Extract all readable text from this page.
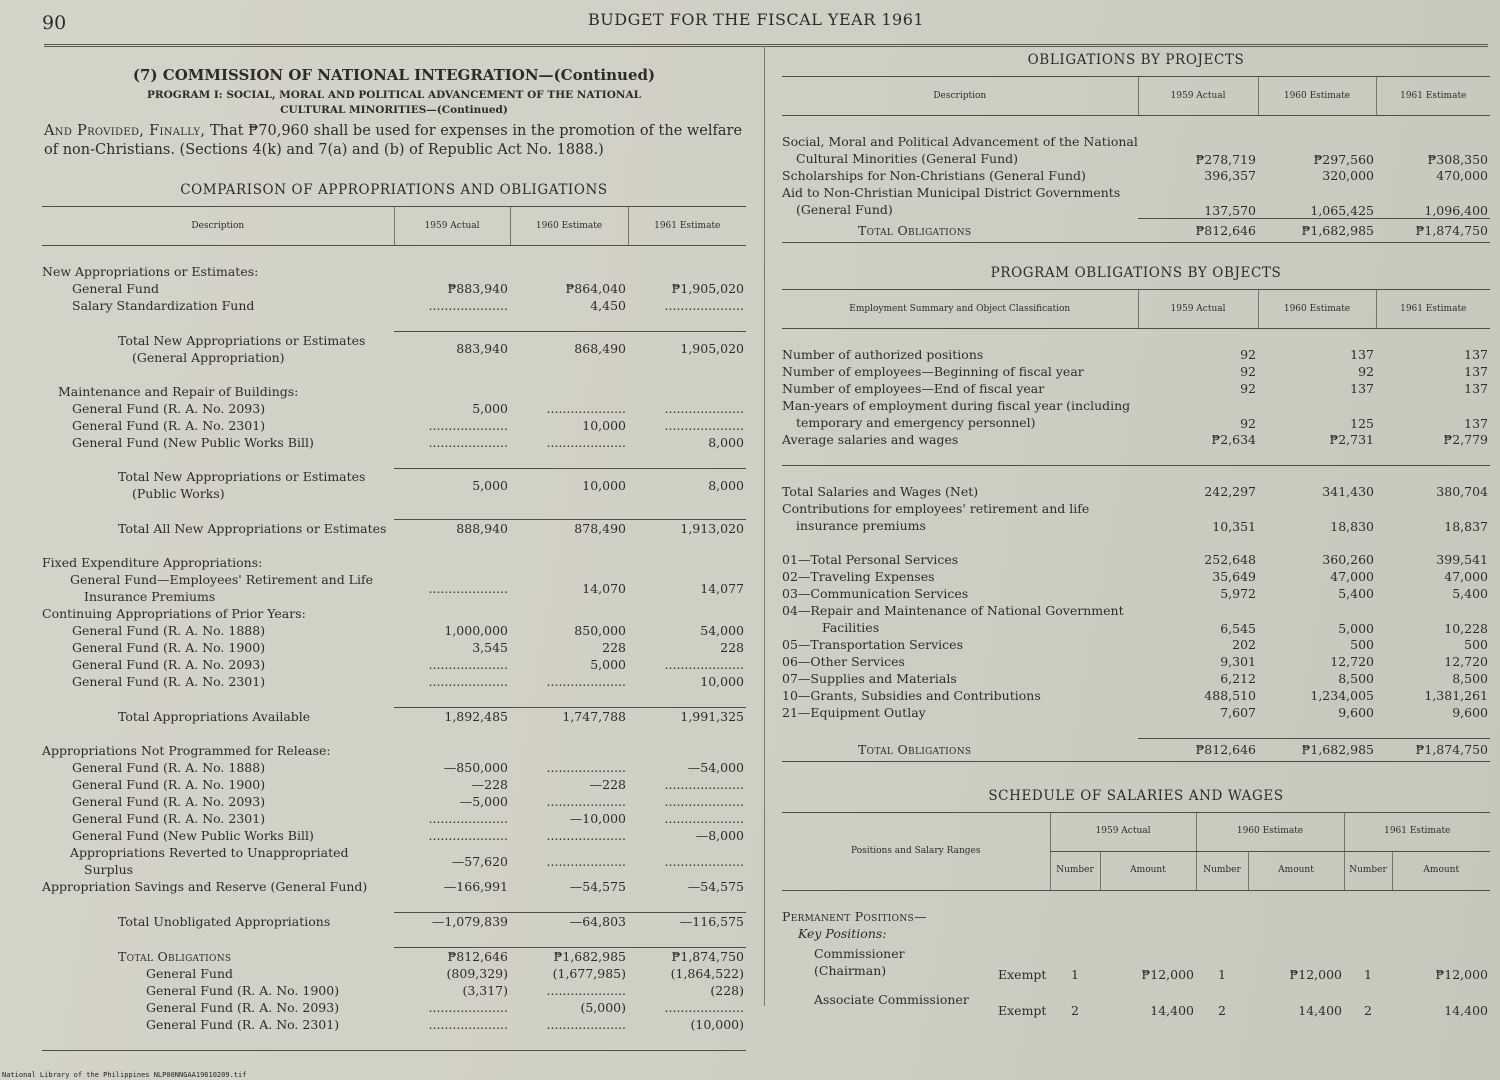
90	BUDGET FOR THE FISCAL YEAR 1961

(7) COMMISSION OF NATIONAL INTEGRATION—(Continued)

PROGRAM I: SOCIAL, MORAL AND POLITICAL ADVANCEMENT OF THE NATIONAL
CULTURAL MINORITIES—(Continued)

And Provided, Finally, That ₱70,960 shall be used for expenses in the promotion of the welfare of non-Christians. (Sections 4(k) and 7(a) and (b) of Republic Act No. 1888.)

COMPARISON OF APPROPRIATIONS AND OBLIGATIONS
Description	1959 Actual	1960 Estimate	1961 Estimate

New Appropriations or Estimates:			
General Fund	₱883,940	₱864,040	₱1,905,020
Salary Standardization Fund	....................	4,450	....................

Total New Appropriations or Estimates (General Appropriation)	883,940	868,490	1,905,020

Maintenance and Repair of Buildings:			
General Fund (R. A. No. 2093)	5,000	....................	....................
General Fund (R. A. No. 2301)	....................	10,000	....................
General Fund (New Public Works Bill)	....................	....................	8,000

Total New Appropriations or Estimates (Public Works)	5,000	10,000	8,000

Total All New Appropriations or Estimates	888,940	878,490	1,913,020

Fixed Expenditure Appropriations:			
General Fund—Employees' Retirement and Life Insurance Premiums	....................	14,070	14,077
Continuing Appropriations of Prior Years:			
General Fund (R. A. No. 1888)	1,000,000	850,000	54,000
General Fund (R. A. No. 1900)	3,545	228	228
General Fund (R. A. No. 2093)	....................	5,000	....................
General Fund (R. A. No. 2301)	....................	....................	10,000

Total Appropriations Available	1,892,485	1,747,788	1,991,325

Appropriations Not Programmed for Release:			
General Fund (R. A. No. 1888)	—850,000	....................	—54,000
General Fund (R. A. No. 1900)	—228	—228	....................
General Fund (R. A. No. 2093)	—5,000	....................	....................
General Fund (R. A. No. 2301)	....................	—10,000	....................
General Fund (New Public Works Bill)	....................	....................	—8,000
Appropriations Reverted to Unappropriated Surplus	—57,620	....................	....................
Appropriation Savings and Reserve (General Fund)	—166,991	—54,575	—54,575

Total Unobligated Appropriations	—1,079,839	—64,803	—116,575

Total Obligations	₱812,646	₱1,682,985	₱1,874,750
General Fund	(809,329)	(1,677,985)	(1,864,522)
General Fund (R. A. No. 1900)	(3,317)	....................	(228)
General Fund (R. A. No. 2093)	....................	(5,000)	....................
General Fund (R. A. No. 2301)	....................	....................	(10,000)

OBLIGATIONS BY PROJECTS
Description	1959 Actual	1960 Estimate	1961 Estimate

Social, Moral and Political Advancement of the National Cultural Minorities (General Fund)	₱278,719	₱297,560	₱308,350
Scholarships for Non-Christians (General Fund)	396,357	320,000	470,000
Aid to Non-Christian Municipal District Governments (General Fund)	137,570	1,065,425	1,096,400
Total Obligations	₱812,646	₱1,682,985	₱1,874,750
PROGRAM OBLIGATIONS BY OBJECTS
Employment Summary and Object Classification	1959 Actual	1960 Estimate	1961 Estimate

Number of authorized positions	92	137	137
Number of employees—Beginning of fiscal year	92	92	137
Number of employees—End of fiscal year	92	137	137
Man-years of employment during fiscal year (including temporary and emergency personnel)	92	125	137
Average salaries and wages	₱2,634	₱2,731	₱2,779

Total Salaries and Wages (Net)	242,297	341,430	380,704
Contributions for employees' retirement and life insurance premiums	10,351	18,830	18,837

01—Total Personal Services	252,648	360,260	399,541
02—Traveling Expenses	35,649	47,000	47,000
03—Communication Services	5,972	5,400	5,400
04—Repair and Maintenance of National Government Facilities	6,545	5,000	10,228
05—Transportation Services	202	500	500
06—Other Services	9,301	12,720	12,720
07—Supplies and Materials	6,212	8,500	8,500
10—Grants, Subsidies and Contributions	488,510	1,234,005	1,381,261
21—Equipment Outlay	7,607	9,600	9,600

Total Obligations	₱812,646	₱1,682,985	₱1,874,750
SCHEDULE OF SALARIES AND WAGES
Positions and Salary Ranges		1959 Actual		1960 Estimate		1961 Estimate	
		Number	Amount	Number	Amount	Number	Amount

Permanent Positions—							
Key Positions:							
Commissioner (Chairman)	Exempt	1	₱12,000	1	₱12,000	1	₱12,000
Associate Commissioner	Exempt	2	14,400	2	14,400	2	14,400
National Library of the Philippines NLP00NNGAA19610209.tif
